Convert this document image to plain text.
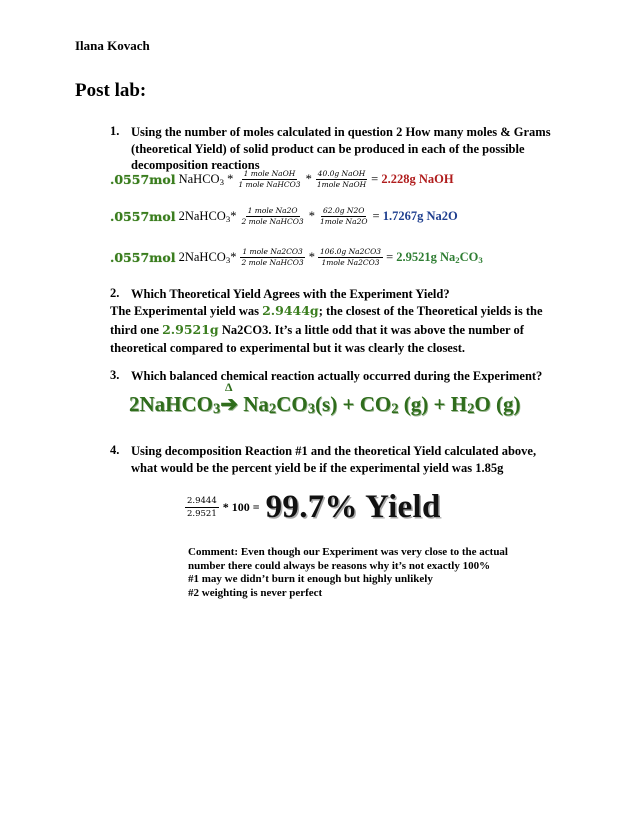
Ilana Kovach
Post lab:
1. Using the number of moles calculated in question 2 How many moles & Grams
(theoretical Yield) of solid product can be produced in each of the possible
decomposition reactions
.0557mol
NaHCO$_3$
* $\frac{\text{1 mole NaOH}}{\text{1 mole NaHCO3}} * \frac{\text{40.0g NaOH}}{\text{1mole NaOH}}$ =
2.228g NaOH
.0557mol
2NaHCO$_3$ * $\frac{\text{1 mole Na2O}}{\text{2 mole NaHCO3}} * \frac{\text{62.0g N2O}}{\text{1mole Na2O}}$ =
1.7267g Na2O
.0557mol
2NaHCO$_3$ * $\frac{\text{1 mole Na2CO3}}{\text{2 mole NaHCO3}} * \frac{\text{106.0g Na2CO3}}{\text{1mole Na2CO3}}$ =
2.9521g $Na_2CO_3$
2. Which Theoretical Yield Agrees with the Experiment Yield?
The Experimental yield was 2.9444g; the closest of the Theoretical yields is the
third one 2.9521g Na2CO3. It’s a little odd that it was above the number of
theoretical compared to experimental but it was clearly the closest.
3. Which balanced chemical reaction actually occurred during the Experiment?
Δ
2NaHCO$_3$➔ $Na_2CO_3(s) + CO_2$ $(g) + H_2O$ (g)
4. Using decomposition Reaction #1 and the theoretical Yield calculated above,
what would be the percent yield be if the experimental yield was 1.85g
$\frac{2.9444}{2.9521} * 100 = 99.7\%$ Yield
Comment: Even though our Experiment was very close to the actual
number there could always be reasons why it’s not exactly 100%
#1 may we didn’t burn it enough but highly unlikely
#2 weighting is never perfect
